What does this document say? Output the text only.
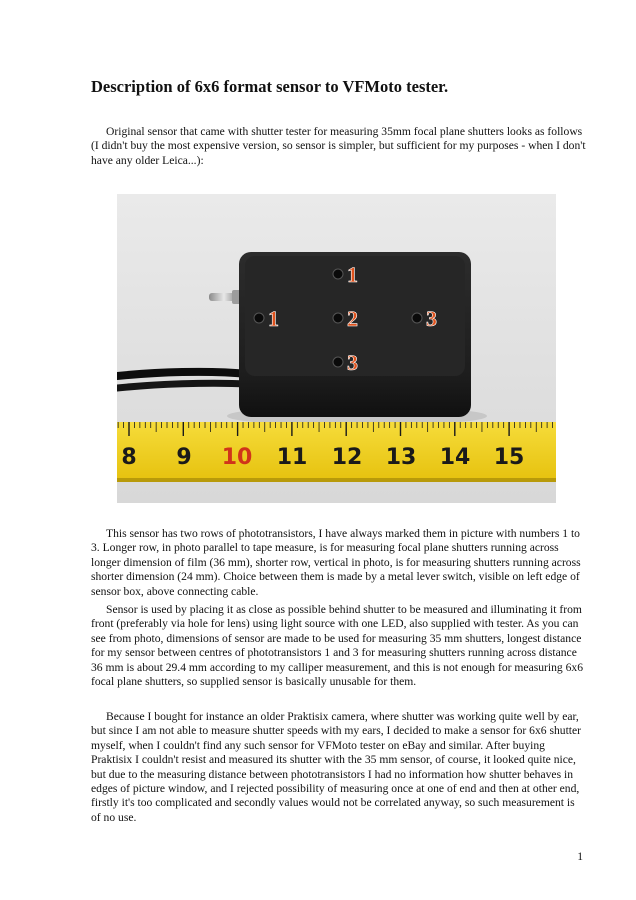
Description of 6x6 format sensor to VFMoto tester.

Original sensor that came with shutter tester for measuring 35mm focal plane shutters looks as follows (I didn't buy the most expensive version, so sensor is simpler, but sufficient for my purposes - when I don't have any older Leica...):

1
1	2	3
3
8 9 10 11 12 13 14 15

This sensor has two rows of phototransistors, I have always marked them in picture with numbers 1 to 3. Longer row, in photo parallel to tape measure, is for measuring focal plane shutters running across longer dimension of film (36 mm), shorter row, vertical in photo, is for measuring shutters running across shorter dimension (24 mm). Choice between them is made by a metal lever switch, visible on left edge of sensor box, above connecting cable.

Sensor is used by placing it as close as possible behind shutter to be measured and illuminating it from front (preferably via hole for lens) using light source with one LED, also supplied with tester. As you can see from photo, dimensions of sensor are made to be used for measuring 35 mm shutters, longest distance for my sensor between centres of phototransistors 1 and 3 for measuring shutters running across distance 36 mm is about 29.4 mm according to my calliper measurement, and this is not enough for measuring 6x6 focal plane shutters, so supplied sensor is basically unusable for them.

Because I bought for instance an older Praktisix camera, where shutter was working quite well by ear, but since I am not able to measure shutter speeds with my ears, I decided to make a sensor for 6x6 shutter myself, when I couldn't find any such sensor for VFMoto tester on eBay and similar. After buying Praktisix I couldn't resist and measured its shutter with the 35 mm sensor, of course, it looked quite nice, but due to the measuring distance between phototransistors I had no information how shutter behaves in edges of picture window, and I rejected possibility of measuring once at one of end and then at other end, firstly it's too complicated and secondly values would not be correlated anyway, so such measurement is of no use.

1
